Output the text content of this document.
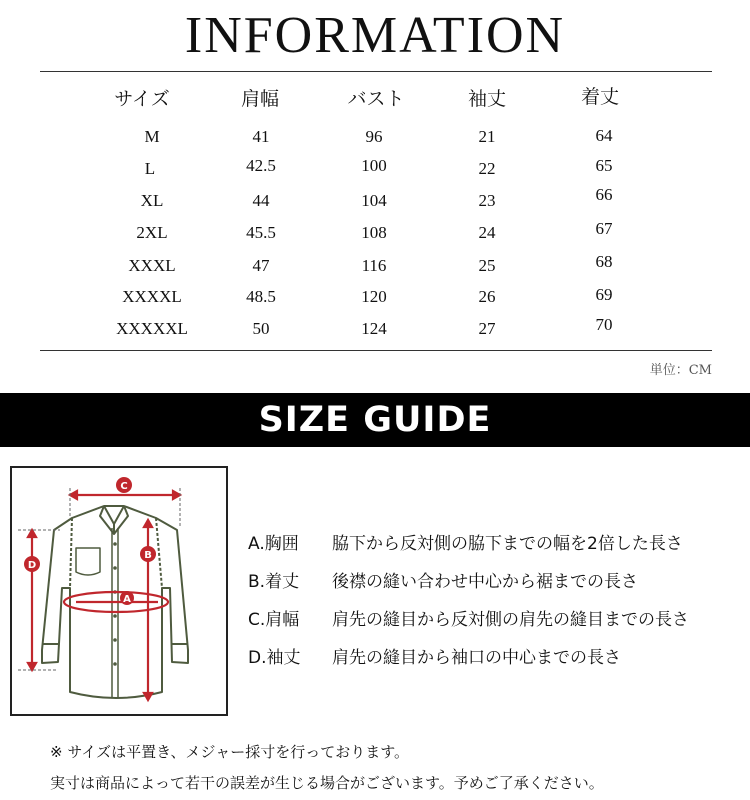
INFORMATION
サイズ	肩幅	バスト	袖丈	着丈
M	41	96	21	64
L	42.5	100	22	65
XL	44	104	23	66
2XL	45.5	108	24	67
XXXL	47	116	25	68
XXXXL	48.5	120	26	69
XXXXXL	50	124	27	70
単位：CM
SIZE GUIDE
C
B
D
A
A.胸囲	脇下から反対側の脇下までの幅を2倍した長さ
B.着丈	後襟の縫い合わせ中心から裾までの長さ
C.肩幅	肩先の縫目から反対側の肩先の縫目までの長さ
D.袖丈	肩先の縫目から袖口の中心までの長さ
※ サイズは平置き、メジャー採寸を行っております。
実寸は商品によって若干の誤差が生じる場合がございます。予めご了承ください。
